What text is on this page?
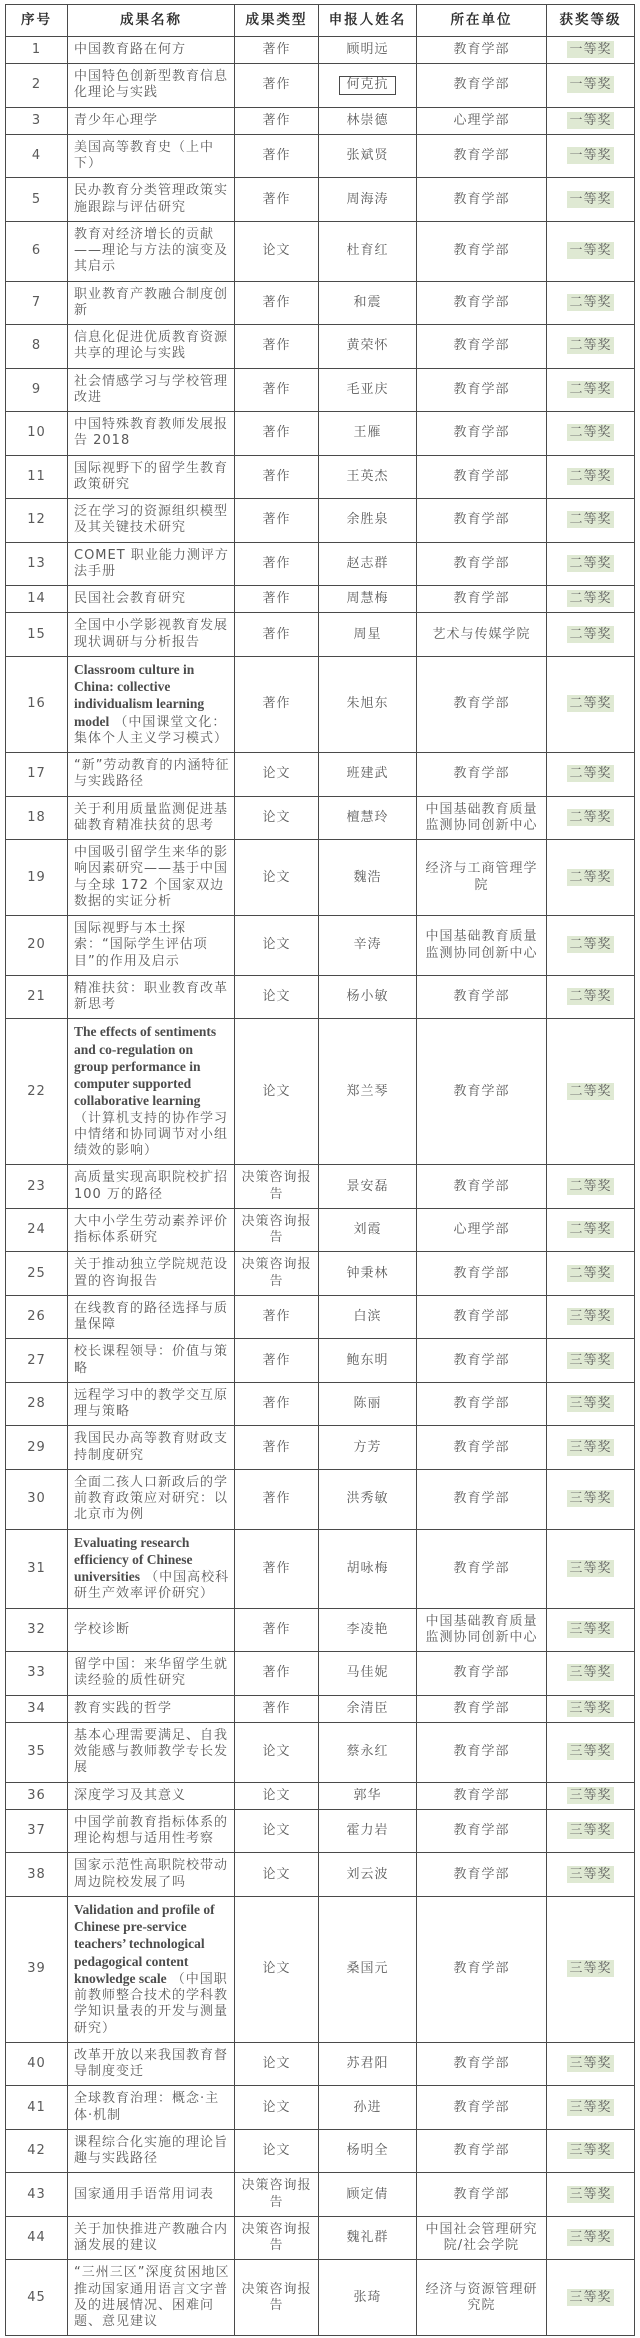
序号	成果名称	成果类型	申报人姓名	所在单位	获奖等级
1	中国教育路在何方	著作	顾明远	教育学部	一等奖
2	中国特色创新型教育信息化理论与实践	著作	何克抗	教育学部	一等奖
3	青少年心理学	著作	林崇德	心理学部	一等奖
4	美国高等教育史（上中下）	著作	张斌贤	教育学部	一等奖
5	民办教育分类管理政策实施跟踪与评估研究	著作	周海涛	教育学部	一等奖
6	教育对经济增长的贡献——理论与方法的演变及其启示	论文	杜育红	教育学部	一等奖
7	职业教育产教融合制度创新	著作	和震	教育学部	二等奖
8	信息化促进优质教育资源共享的理论与实践	著作	黄荣怀	教育学部	二等奖
9	社会情感学习与学校管理改进	著作	毛亚庆	教育学部	二等奖
10	中国特殊教育教师发展报告 2018	著作	王雁	教育学部	二等奖
11	国际视野下的留学生教育政策研究	著作	王英杰	教育学部	二等奖
12	泛在学习的资源组织模型及其关键技术研究	著作	余胜泉	教育学部	二等奖
13	COMET 职业能力测评方法手册	著作	赵志群	教育学部	二等奖
14	民国社会教育研究	著作	周慧梅	教育学部	二等奖
15	全国中小学影视教育发展现状调研与分析报告	著作	周星	艺术与传媒学院	二等奖
16	Classroom culture in China: collective individualism learning model （中国课堂文化：集体个人主义学习模式）	著作	朱旭东	教育学部	二等奖
17	“新”劳动教育的内涵特征与实践路径	论文	班建武	教育学部	二等奖
18	关于利用质量监测促进基础教育精准扶贫的思考	论文	檀慧玲	中国基础教育质量监测协同创新中心	二等奖
19	中国吸引留学生来华的影响因素研究——基于中国与全球 172 个国家双边数据的实证分析	论文	魏浩	经济与工商管理学院	二等奖
20	国际视野与本土探索：“国际学生评估项目”的作用及启示	论文	辛涛	中国基础教育质量监测协同创新中心	二等奖
21	精准扶贫：职业教育改革新思考	论文	杨小敏	教育学部	二等奖
22	The effects of sentiments and co-regulation on group performance in computer supported collaborative learning （计算机支持的协作学习中情绪和协同调节对小组绩效的影响）	论文	郑兰琴	教育学部	二等奖
23	高质量实现高职院校扩招 100 万的路径	决策咨询报告	景安磊	教育学部	二等奖
24	大中小学生劳动素养评价指标体系研究	决策咨询报告	刘霞	心理学部	二等奖
25	关于推动独立学院规范设置的咨询报告	决策咨询报告	钟秉林	教育学部	二等奖
26	在线教育的路径选择与质量保障	著作	白滨	教育学部	三等奖
27	校长课程领导：价值与策略	著作	鲍东明	教育学部	三等奖
28	远程学习中的教学交互原理与策略	著作	陈丽	教育学部	三等奖
29	我国民办高等教育财政支持制度研究	著作	方芳	教育学部	三等奖
30	全面二孩人口新政后的学前教育政策应对研究：以北京市为例	著作	洪秀敏	教育学部	三等奖
31	Evaluating research efficiency of Chinese universities （中国高校科研生产效率评价研究）	著作	胡咏梅	教育学部	三等奖
32	学校诊断	著作	李凌艳	中国基础教育质量监测协同创新中心	三等奖
33	留学中国：来华留学生就读经验的质性研究	著作	马佳妮	教育学部	三等奖
34	教育实践的哲学	著作	余清臣	教育学部	三等奖
35	基本心理需要满足、自我效能感与教师教学专长发展	论文	蔡永红	教育学部	三等奖
36	深度学习及其意义	论文	郭华	教育学部	三等奖
37	中国学前教育指标体系的理论构想与适用性考察	论文	霍力岩	教育学部	三等奖
38	国家示范性高职院校带动周边院校发展了吗	论文	刘云波	教育学部	三等奖
39	Validation and profile of Chinese pre-service teachers’ technological pedagogical content knowledge scale （中国职前教师整合技术的学科教学知识量表的开发与测量研究）	论文	桑国元	教育学部	三等奖
40	改革开放以来我国教育督导制度变迁	论文	苏君阳	教育学部	三等奖
41	全球教育治理：概念·主体·机制	论文	孙进	教育学部	三等奖
42	课程综合化实施的理论旨趣与实践路径	论文	杨明全	教育学部	三等奖
43	国家通用手语常用词表	决策咨询报告	顾定倩	教育学部	三等奖
44	关于加快推进产教融合内涵发展的建议	决策咨询报告	魏礼群	中国社会管理研究院/社会学院	三等奖
45	“三州三区”深度贫困地区推动国家通用语言文字普及的进展情况、困难问题、意见建议	决策咨询报告	张琦	经济与资源管理研究院	三等奖
